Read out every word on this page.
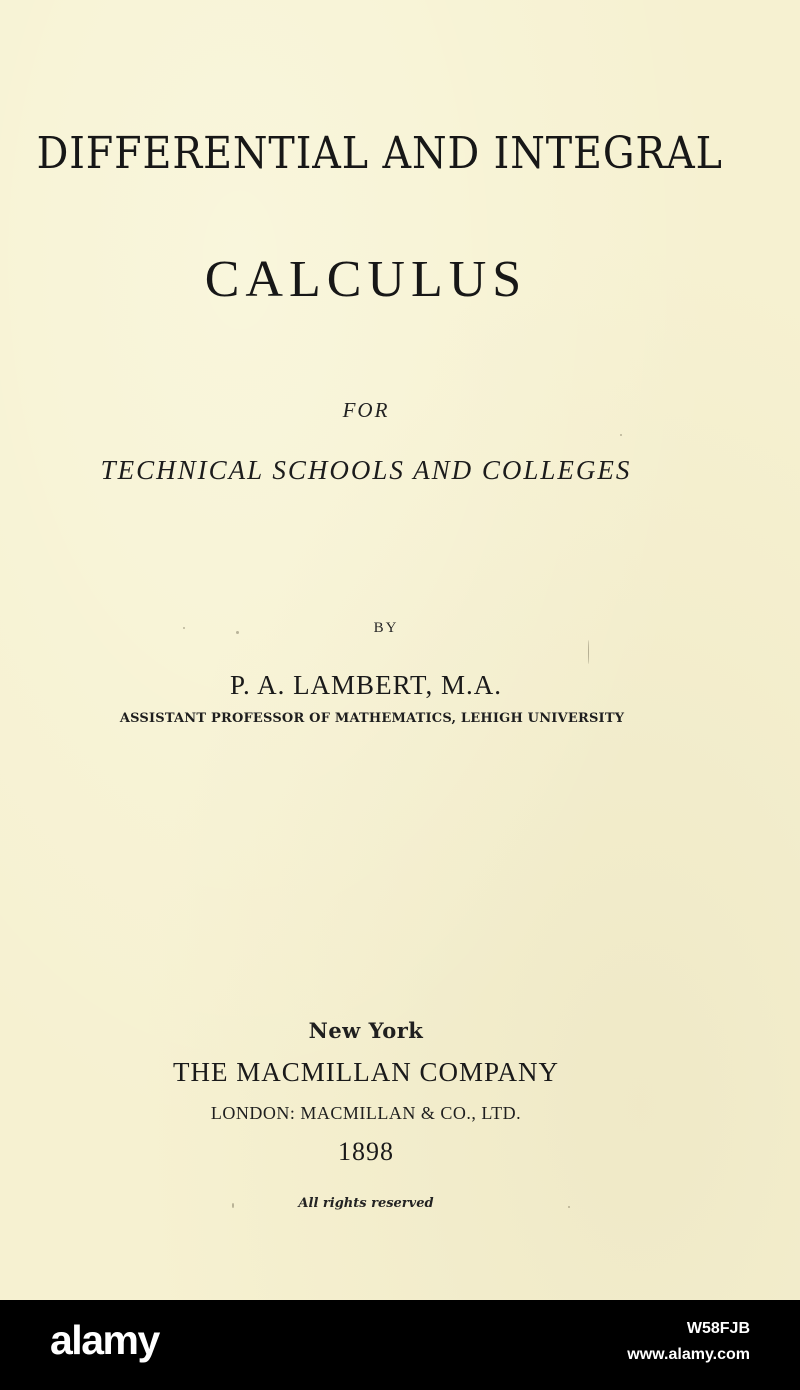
DIFFERENTIAL AND INTEGRAL
CALCULUS
FOR
TECHNICAL SCHOOLS AND COLLEGES
BY
P. A. LAMBERT, M.A.
ASSISTANT PROFESSOR OF MATHEMATICS, LEHIGH UNIVERSITY
New York
THE MACMILLAN COMPANY
LONDON: MACMILLAN & CO., LTD.
1898
All rights reserved
alamy	W58FJB
www.alamy.com
